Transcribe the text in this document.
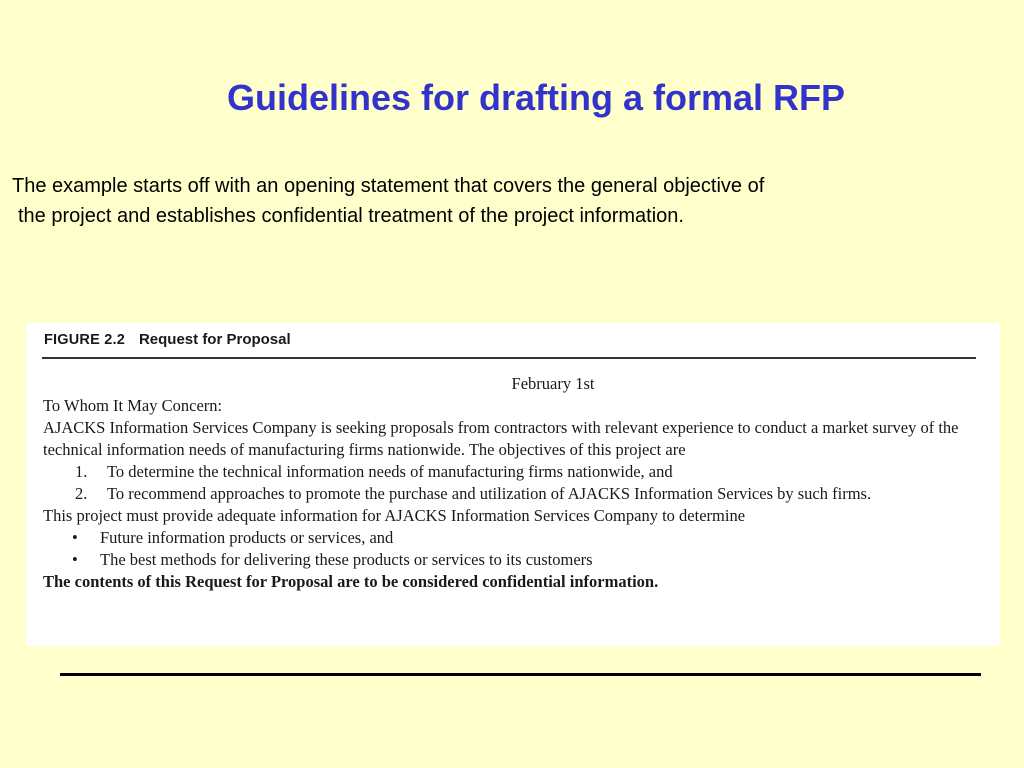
Guidelines for drafting a formal RFP

The example starts off with an opening statement that covers the general objective of
the project and establishes confidential treatment of the project information.

FIGURE 2.2 Request for Proposal
February 1st
To Whom It May Concern:
AJACKS Information Services Company is seeking proposals from contractors with relevant experience to conduct a market survey of the technical information needs of manufacturing firms nationwide. The objectives of this project are
1.	To determine the technical information needs of manufacturing firms nationwide, and
2.	To recommend approaches to promote the purchase and utilization of AJACKS Information Services by such firms.
This project must provide adequate information for AJACKS Information Services Company to determine
•	Future information products or services, and
•	The best methods for delivering these products or services to its customers
The contents of this Request for Proposal are to be considered confidential information.
